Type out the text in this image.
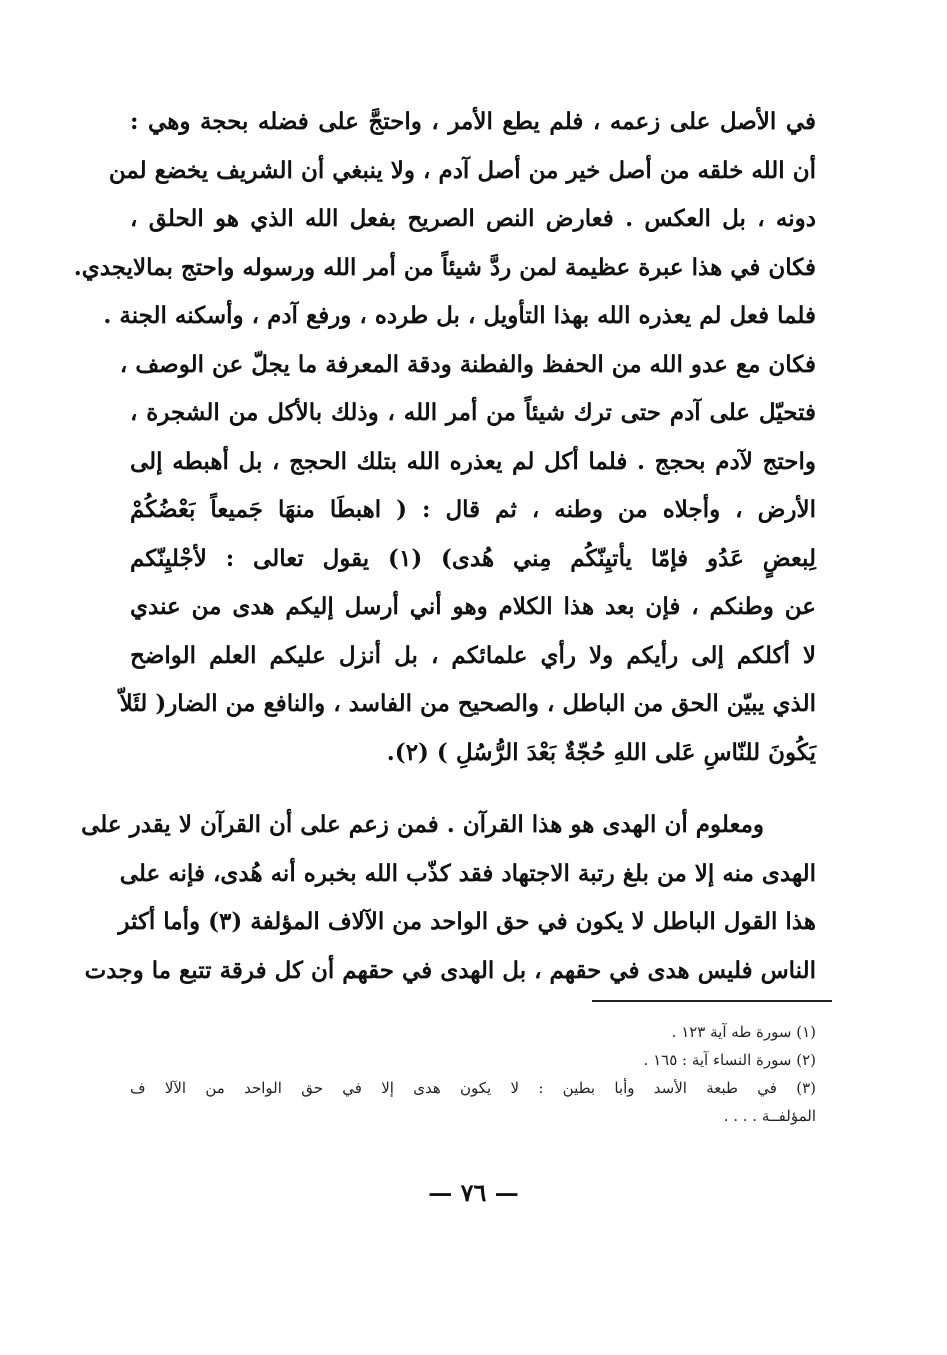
في الأصل على زعمه ، فلم يطع الأمر ، واحتجَّ على فضله بحجة وهي :
أن الله خلقه من أصل خير من أصل آدم ، ولا ينبغي أن الشريف يخضع لمن
دونه ، بل العكس . فعارض النص الصريح بفعل الله الذي هو الحلق ،
فكان في هذا عبرة عظيمة لمن ردَّ شيئاً من أمر الله ورسوله واحتج بمالايجدي.
فلما فعل لم يعذره الله بهذا التأويل ، بل طرده ، ورفع آدم ، وأسكنه الجنة .
فكان مع عدو الله من الحفظ والفطنة ودقة المعرفة ما يجلّ عن الوصف ،
فتحيّل على آدم حتى ترك شيئاً من أمر الله ، وذلك بالأكل من الشجرة ،
واحتج لآدم بحجج . فلما أكل لم يعذره الله بتلك الحجج ، بل أهبطه إلى
الأرض ، وأجلاه من وطنه ، ثم قال : ( اهبطَا منهَا جَميعاً بَعْضُكُمْ
لِبعضٍ عَدُو فإمّا يأتيِنّكُم مِني هُدى) (١) يقول تعالى : لأجْليِنّكم
عن وطنكم ، فإن بعد هذا الكلام وهو أني أرسل إليكم هدى من عندي
لا أكلكم إلى رأيكم ولا رأي علمائكم ، بل أنزل عليكم العلم الواضح
الذي يبيّن الحق من الباطل ، والصحيح من الفاسد ، والنافع من الضار( لئَلاّ
يَكُونَ للنّاسِ عَلى اللهِ حُجّةٌ بَعْدَ الرُّسُلِ ) (٢).
ومعلوم أن الهدى هو هذا القرآن . فمن زعم على أن القرآن لا يقدر على
الهدى منه إلا من بلغ رتبة الاجتهاد فقد كذّب الله بخبره أنه هُدى، فإنه على
هذا القول الباطل لا يكون في حق الواحد من الآلاف المؤلفة (٣) وأما أكثر
الناس فليس هدى في حقهم ، بل الهدى في حقهم أن كل فرقة تتبع ما وجدت
(١) سورة طه آية ١٢٣ .
(٢) سورة النساء آية : ١٦٥ .
(٣) في طبعة الأسد وأبا بطين : لا يكون هدى إلا في حق الواحد من الآلا ف
المؤلفــة . . . .
— ٧٦ —
